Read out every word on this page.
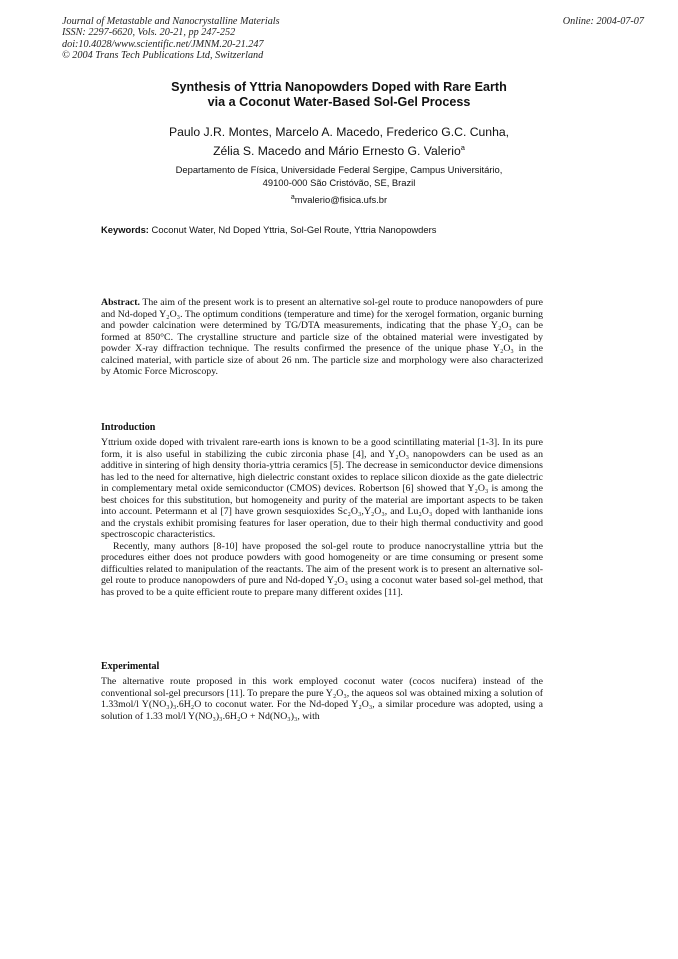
Journal of Metastable and Nanocrystalline Materials
ISSN: 2297-6620, Vols. 20-21, pp 247-252
doi:10.4028/www.scientific.net/JMNM.20-21.247
© 2004 Trans Tech Publications Ltd, Switzerland
Online: 2004-07-07
Synthesis of Yttria Nanopowders Doped with Rare Earth
via a Coconut Water-Based Sol-Gel Process
Paulo J.R. Montes, Marcelo A. Macedo, Frederico G.C. Cunha,
Zélia S. Macedo and Mário Ernesto G. Valerio$^a$
Departamento de Física, Universidade Federal Sergipe, Campus Universitário,
49100-000 São Cristóvão, SE, Brazil
$^a$mvalerio@fisica.ufs.br
Keywords: Coconut Water, Nd Doped Yttria, Sol-Gel Route, Yttria Nanopowders

Abstract. The aim of the present work is to present an alternative sol-gel route to produce nanopowders of pure and Nd-doped Y₂O₃. The optimum conditions (temperature and time) for the xerogel formation, organic burning and powder calcination were determined by TG/DTA measurements, indicating that the phase Y₂O₃ can be formed at 850°C. The crystalline structure and particle size of the obtained material were investigated by powder X-ray diffraction technique. The results confirmed the presence of the unique phase Y₂O₃ in the calcined material, with particle size of about 26 nm. The particle size and morphology were also characterized by Atomic Force Microscopy.

Introduction

Yttrium oxide doped with trivalent rare-earth ions is known to be a good scintillating material [1-3]. In its pure form, it is also useful in stabilizing the cubic zirconia phase [4], and Y₂O₃ nanopowders can be used as an additive in sintering of high density thoria-yttria ceramics [5]. The decrease in semiconductor device dimensions has led to the need for alternative, high dielectric constant oxides to replace silicon dioxide as the gate dielectric in complementary metal oxide semiconductor (CMOS) devices. Robertson [6] showed that Y₂O₃ is among the best choices for this substitution, but homogeneity and purity of the material are important aspects to be taken into account. Petermann et al [7] have grown sesquioxides Sc₂O₃,Y₂O₃, and Lu₂O₃ doped with lanthanide ions and the crystals exhibit promising features for laser operation, due to their high thermal conductivity and good spectroscopic characteristics.

Recently, many authors [8-10] have proposed the sol-gel route to produce nanocrystalline yttria but the procedures either does not produce powders with good homogeneity or are time consuming or present some difficulties related to manipulation of the reactants. The aim of the present work is to present an alternative sol-gel route to produce nanopowders of pure and Nd-doped Y₂O₃ using a coconut water based sol-gel method, that has proved to be a quite efficient route to prepare many different oxides [11].

Experimental

The alternative route proposed in this work employed coconut water (cocos nucifera) instead of the conventional sol-gel precursors [11]. To prepare the pure Y₂O₃, the aqueos sol was obtained mixing a solution of 1.33mol/l Y(NO₃)₃.6H₂O to coconut water. For the Nd-doped Y₂O₃, a similar procedure was adopted, using a solution of 1.33 mol/l Y(NO₃)₃.6H₂O + Nd(NO₃)₃, with
